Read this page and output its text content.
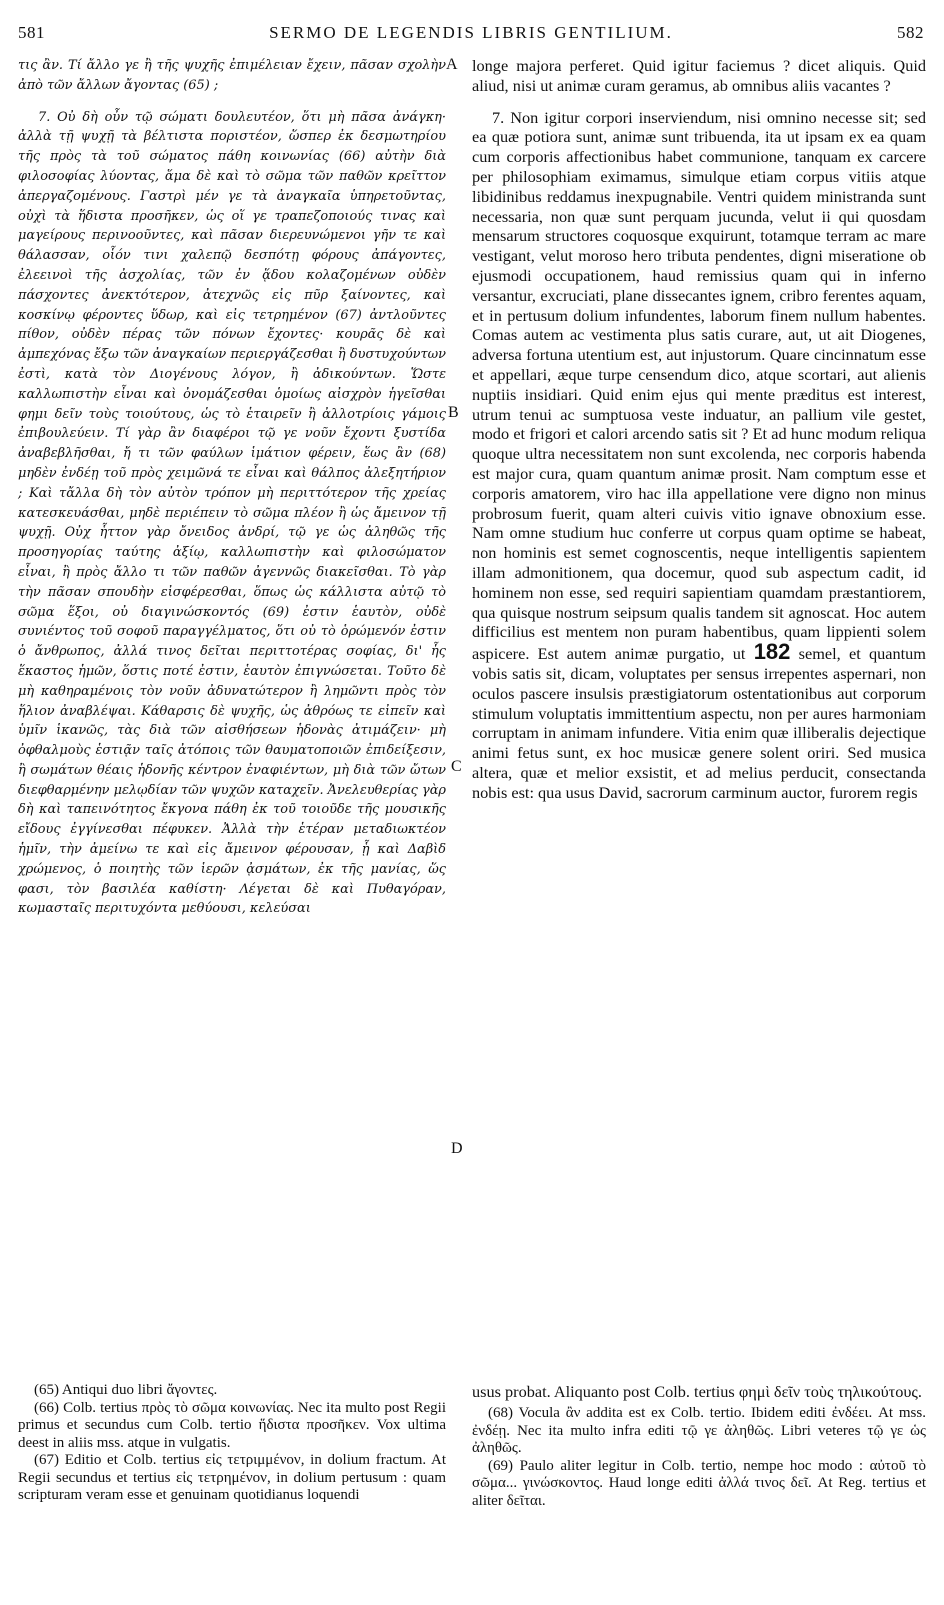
581	SERMO DE LEGENDIS LIBRIS GENTILIUM.	582

τις ἂν. Τί ἄλλο γε ἢ τῆς ψυχῆς ἐπιμέλειαν ἔχειν, πᾶσαν σχολὴν ἀπὸ τῶν ἄλλων ἄγοντας (65) ;

7. Οὐ δὴ οὖν τῷ σώματι δουλευτέον, ὅτι μὴ πᾶσα ἀνάγκη· ἀλλὰ τῇ ψυχῇ τὰ βέλτιστα ποριστέον, ὥσπερ ἐκ δεσμωτηρίου τῆς πρὸς τὰ τοῦ σώματος πάθη κοινωνίας (66) αὐτὴν διὰ φιλοσοφίας λύοντας, ἅμα δὲ καὶ τὸ σῶμα τῶν παθῶν κρεῖττον ἀπεργαζομένους. Γαστρὶ μέν γε τὰ ἀναγκαῖα ὑπηρετοῦντας, οὐχὶ τὰ ἥδιστα προσῆκεν, ὡς οἵ γε τραπεζοποιούς τινας καὶ μαγείρους περινοοῦντες, καὶ πᾶσαν διερευνώμενοι γῆν τε καὶ θάλασσαν, οἷόν τινι χαλεπῷ δεσπότῃ φόρους ἀπάγοντες, ἐλεεινοὶ τῆς ἀσχολίας, τῶν ἐν ᾅδου κολαζομένων οὐδὲν πάσχοντες ἀνεκτότερον, ἀτεχνῶς εἰς πῦρ ξαίνοντες, καὶ κοσκίνῳ φέροντες ὕδωρ, καὶ εἰς τετρημένον (67) ἀντλοῦντες πίθον, οὐδὲν πέρας τῶν πόνων ἔχοντες· κουρᾶς δὲ καὶ ἀμπεχόνας ἔξω τῶν ἀναγκαίων περιεργάζεσθαι ἢ δυστυχούντων ἐστὶ, κατὰ τὸν Διογένους λόγον, ἢ ἀδικούντων. Ὥστε καλλωπιστὴν εἶναι καὶ ὀνομάζεσθαι ὁμοίως αἰσχρὸν ἡγεῖσθαι φημι δεῖν τοὺς τοιούτους, ὡς τὸ ἑταιρεῖν ἢ ἀλλοτρίοις γάμοις ἐπιβουλεύειν. Τί γὰρ ἂν διαφέροι τῷ γε νοῦν ἔχοντι ξυστίδα ἀναβεβλῆσθαι, ἤ τι τῶν φαύλων ἱμάτιον φέρειν, ἕως ἂν (68) μηδὲν ἐνδέῃ τοῦ πρὸς χειμῶνά τε εἶναι καὶ θάλπος ἀλεξητήριον ; Καὶ τἄλλα δὴ τὸν αὐτὸν τρόπον μὴ περιττότερον τῆς χρείας κατεσκευάσθαι, μηδὲ περιέπειν τὸ σῶμα πλέον ἢ ὡς ἄμεινον τῇ ψυχῇ. Οὐχ ἧττον γὰρ ὄνειδος ἀνδρί, τῷ γε ὡς ἀληθῶς τῆς προσηγορίας ταύτης ἀξίῳ, καλλωπιστὴν καὶ φιλοσώματον εἶναι, ἢ πρὸς ἄλλο τι τῶν παθῶν ἀγεννῶς διακεῖσθαι. Τὸ γὰρ τὴν πᾶσαν σπουδὴν εἰσφέρεσθαι, ὅπως ὡς κάλλιστα αὐτῷ τὸ σῶμα ἕξοι, οὐ διαγινώσκοντός (69) ἐστιν ἑαυτὸν, οὐδὲ συνιέντος τοῦ σοφοῦ παραγγέλματος, ὅτι οὐ τὸ ὁρώμενόν ἐστιν ὁ ἄνθρωπος, ἀλλά τινος δεῖται περιττοτέρας σοφίας, δι' ἧς ἕκαστος ἡμῶν, ὅστις ποτέ ἐστιν, ἑαυτὸν ἐπιγνώσεται. Τοῦτο δὲ μὴ καθηραμένοις τὸν νοῦν ἀδυνατώτερον ἢ λημῶντι πρὸς τὸν ἥλιον ἀναβλέψαι. Κάθαρσις δὲ ψυχῆς, ὡς ἀθρόως τε εἰπεῖν καὶ ὑμῖν ἱκανῶς, τὰς διὰ τῶν αἰσθήσεων ἡδονὰς ἀτιμάζειν· μὴ ὀφθαλμοὺς ἑστιᾷν ταῖς ἀτόποις τῶν θαυματοποιῶν ἐπιδείξεσιν, ἢ σωμάτων θέαις ἡδονῆς κέντρον ἐναφιέντων, μὴ διὰ τῶν ὤτων διεφθαρμένην μελῳδίαν τῶν ψυχῶν καταχεῖν. Ἀνελευθερίας γὰρ δὴ καὶ ταπεινότητος ἔκγονα πάθη ἐκ τοῦ τοιοῦδε τῆς μουσικῆς εἴδους ἐγγίνεσθαι πέφυκεν. Ἀλλὰ τὴν ἑτέραν μεταδιωκτέον ἡμῖν, τὴν ἀμείνω τε καὶ εἰς ἄμεινον φέρουσαν, ᾗ καὶ Δαβὶδ χρώμενος, ὁ ποιητὴς τῶν ἱερῶν ᾀσμάτων, ἐκ τῆς μανίας, ὥς φασι, τὸν βασιλέα καθίστη· Λέγεται δὲ καὶ Πυθαγόραν, κωμασταῖς περιτυχόντα μεθύουσι, κελεύσαι

A
B
C
D

longe majora perferet. Quid igitur faciemus ? dicet aliquis. Quid aliud, nisi ut animæ curam geramus, ab omnibus aliis vacantes ?

7. Non igitur corpori inserviendum, nisi omnino necesse sit; sed ea quæ potiora sunt, animæ sunt tribuenda, ita ut ipsam ex ea quam cum corporis affectionibus habet communione, tanquam ex carcere per philosophiam eximamus, simulque etiam corpus vitiis atque libidinibus reddamus inexpugnabile. Ventri quidem ministranda sunt necessaria, non quæ sunt perquam jucunda, velut ii qui quosdam mensarum structores coquosque exquirunt, totamque terram ac mare vestigant, velut moroso hero tributa pendentes, digni miseratione ob ejusmodi occupationem, haud remissius quam qui in inferno versantur, excruciati, plane dissecantes ignem, cribro ferentes aquam, et in pertusum dolium infundentes, laborum finem nullum habentes. Comas autem ac vestimenta plus satis curare, aut, ut ait Diogenes, adversa fortuna utentium est, aut injustorum. Quare cincinnatum esse et appellari, æque turpe censendum dico, atque scortari, aut alienis nuptiis insidiari. Quid enim ejus qui mente præditus est interest, utrum tenui ac sumptuosa veste induatur, an pallium vile gestet, modo et frigori et calori arcendo satis sit ? Et ad hunc modum reliqua quoque ultra necessitatem non sunt excolenda, nec corporis habenda est major cura, quam quantum animæ prosit. Nam comptum esse et corporis amatorem, viro hac illa appellatione vere digno non minus probrosum fuerit, quam alteri cuivis vitio ignave obnoxium esse. Nam omne studium huc conferre ut corpus quam optime se habeat, non hominis est semet cognoscentis, neque intelligentis sapientem illam admonitionem, qua docemur, quod sub aspectum cadit, id hominem non esse, sed requiri sapientiam quamdam præstantiorem, qua quisque nostrum seipsum qualis tandem sit agnoscat. Hoc autem difficilius est mentem non puram habentibus, quam lippienti solem aspicere. Est autem animæ purgatio, ut 182 semel, et quantum vobis satis sit, dicam, voluptates per sensus irrepentes aspernari, non oculos pascere insulsis præstigiatorum ostentationibus aut corporum stimulum voluptatis immittentium aspectu, non per aures harmoniam corruptam in animam infundere. Vitia enim quæ illiberalis dejectique animi fetus sunt, ex hoc musicæ genere solent oriri. Sed musica altera, quæ et melior exsistit, et ad melius perducit, consectanda nobis est: qua usus David, sacrorum carminum auctor, furorem regis

(65) Antiqui duo libri ἄγοντες.

(66) Colb. tertius πρὸς τὸ σῶμα κοινωνίας. Nec ita multo post Regii primus et secundus cum Colb. tertio ἥδιστα προσῆκεν. Vox ultima deest in aliis mss. atque in vulgatis.

(67) Editio et Colb. tertius εἰς τετριμμένον, in dolium fractum. At Regii secundus et tertius εἰς τετρημένον, in dolium pertusum : quam scripturam veram esse et genuinam quotidianus loquendi

usus probat. Aliquanto post Colb. tertius φημὶ δεῖν τοὺς τηλικούτους.

(68) Vocula ἂν addita est ex Colb. tertio. Ibidem editi ἐνδέει. At mss. ἐνδέῃ. Nec ita multo infra editi τῷ γε ἀληθῶς. Libri veteres τῷ γε ὡς ἀληθῶς.

(69) Paulo aliter legitur in Colb. tertio, nempe hoc modo : αὐτοῦ τὸ σῶμα... γινώσκοντος. Haud longe editi ἀλλά τινος δεῖ. At Reg. tertius et aliter δεῖται.
